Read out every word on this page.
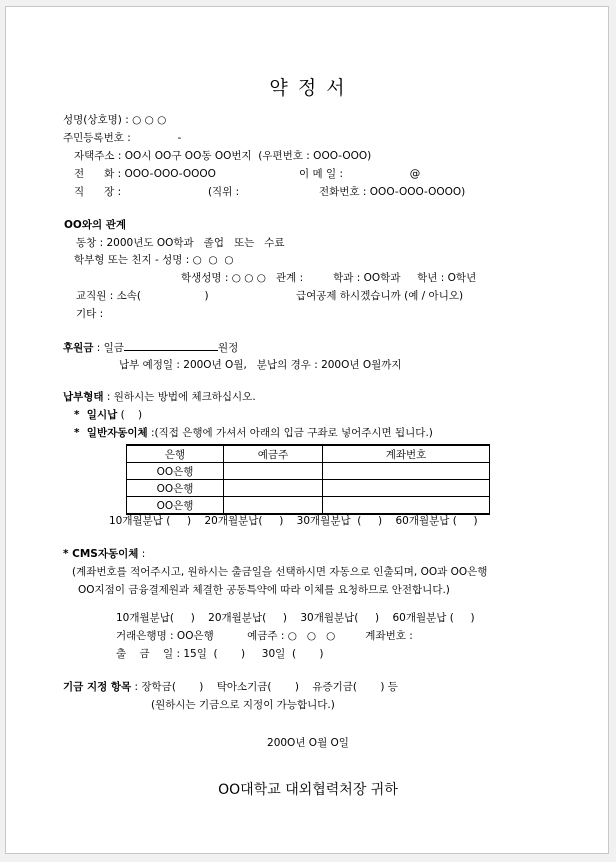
약 정 서
성명(상호명) : ○ ○ ○
주민등록번호 :              -
자택주소 : OO시 OO구 OO동 OO번지  (우편번호 : OOO-OOO)
전      화 : OOO-OOO-OOOO	이 메 일 :                    @
직      장 :                          (직위 :	전화번호 : OOO-OOO-OOOO)
OO와의 관계
동창 : 2000년도 OO학과   졸업   또는   수료
학부형 또는 친지 - 성명 : ○  ○  ○
학생성명 : ○ ○ ○   관계 :         학과 : OO학과     학년 : O학년
교직원 : 소속(                   )	급여공제 하시겠습니까 (예 / 아니오)
기타 :
후원금 : 일금	원정
납부 예정일 : 200O년 O월,   분납의 경우 : 200O년 O월까지
납부형태 : 원하시는 방법에 체크하십시오.
*  일시납 (    )
*  일반자동이체 :(직접 은행에 가셔서 아래의 입금 구좌로 넣어주시면 됩니다.)
은행	예금주	계좌번호
OO은행		
OO은행		
OO은행		
10개월분납 (     )    20개월분납(     )    30개월분납  (     )    60개월분납 (     )
* CMS자동이체 :
(계좌번호를 적어주시고, 원하시는 출금일을 선택하시면 자동으로 인출되며, OO과 OO은행
OO지점이 금융결제원과 체결한 공동특약에 따라 이체를 요청하므로 안전합니다.)
10개월분납(     )    20개월분납(     )    30개월분납(     )    60개월분납 (     )
거래은행명 : OO은행          예금주 : ○   ○   ○         계좌번호 :
출    금    일 : 15일  (       )     30일  (       )
기금 지정 항목 : 장학금(       )    탁아소기금(       )    유증기금(       ) 등
(원하시는 기금으로 지정이 가능합니다.)
200O년 O월 O일
OO대학교 대외협력처장 귀하
